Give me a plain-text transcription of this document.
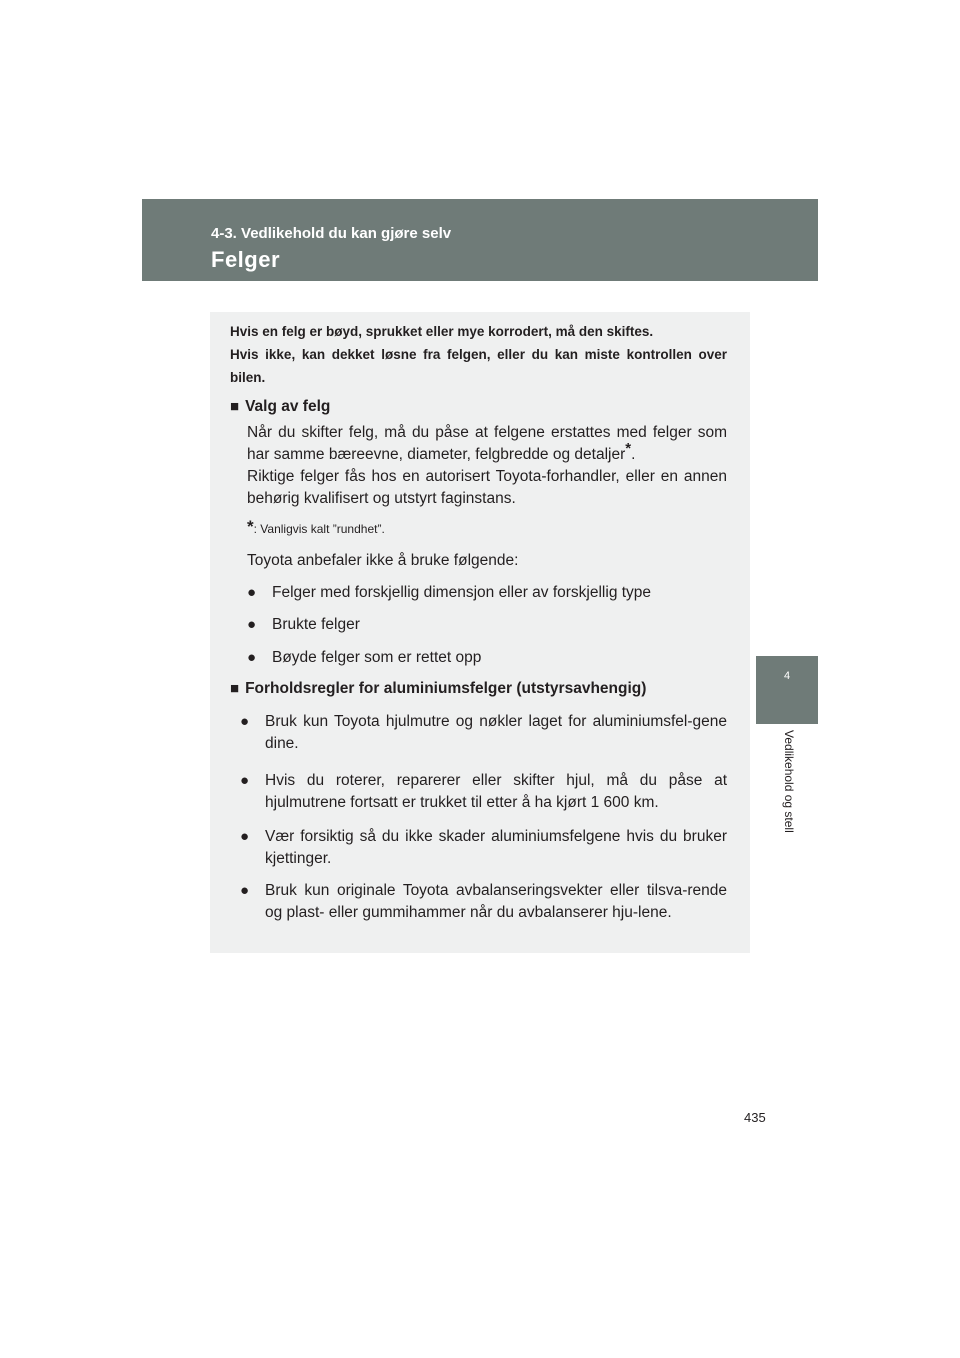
4-3. Vedlikehold du kan gjøre selv
Felger
4
Vedlikehold og stell

Hvis en felg er bøyd, sprukket eller mye korrodert, må den skiftes.

Hvis ikke, kan dekket løsne fra felgen, eller du kan miste kontrollen over bilen.

■ Valg av felg
Når du skifter felg, må du påse at felgene erstattes med felger som har samme bæreevne, diameter, felgbredde og detaljer*.
Riktige felger fås hos en autorisert Toyota-forhandler, eller en annen behørig kvalifisert og utstyrt faginstans.
*: Vanligvis kalt ”rundhet”.
Toyota anbefaler ikke å bruke følgende:
● Felger med forskjellig dimensjon eller av forskjellig type
● Brukte felger
● Bøyde felger som er rettet opp
■ Forholdsregler for aluminiumsfelger (utstyrsavhengig)
● Bruk kun Toyota hjulmutre og nøkler laget for aluminiumsfel-gene dine.
● Hvis du roterer, reparerer eller skifter hjul, må du påse at hjulmutrene fortsatt er trukket til etter å ha kjørt 1 600 km.
● Vær forsiktig så du ikke skader aluminiumsfelgene hvis du bruker kjettinger.
● Bruk kun originale Toyota avbalanseringsvekter eller tilsva-rende og plast- eller gummihammer når du avbalanserer hju-lene.
435
